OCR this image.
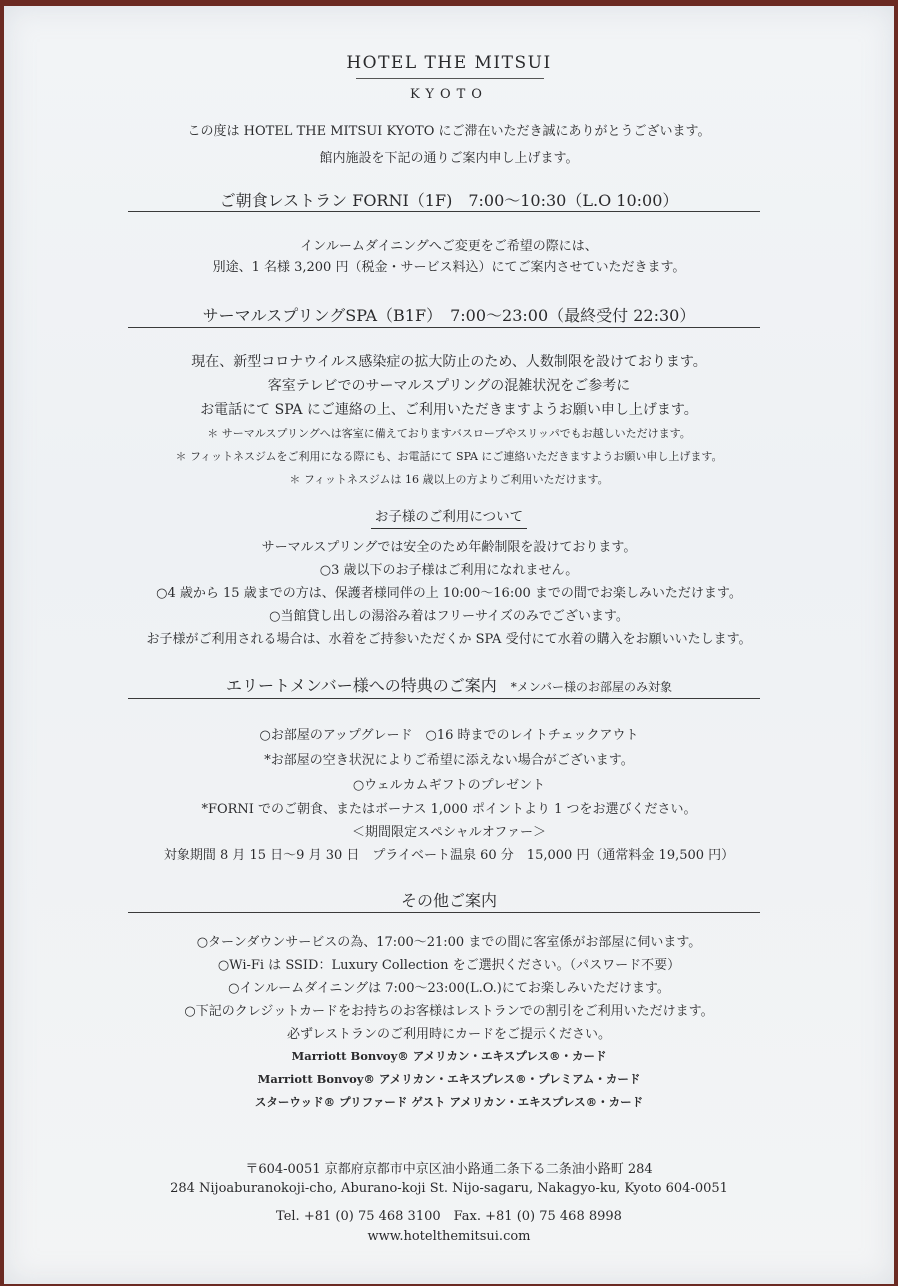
HOTEL THE MITSUI
KYOTO
この度は HOTEL THE MITSUI KYOTO にご滞在いただき誠にありがとうございます。
館内施設を下記の通りご案内申し上げます。
ご朝食レストラン FORNI（1F)　7:00～10:30（L.O 10:00）
インルームダイニングへご変更をご希望の際には、
別途、1 名様 3,200 円（税金・サービス料込）にてご案内させていただきます。
サーマルスプリングSPA（B1F）　7:00～23:00（最終受付 22:30）
現在、新型コロナウイルス感染症の拡大防止のため、人数制限を設けております。
客室テレビでのサーマルスプリングの混雑状況をご参考に
お電話にて SPA にご連絡の上、ご利用いただきますようお願い申し上げます。
＊ サーマルスプリングへは客室に備えておりますバスローブやスリッパでもお越しいただけます。
＊ フィットネスジムをご利用になる際にも、お電話にて SPA にご連絡いただきますようお願い申し上げます。
＊ フィットネスジムは 16 歳以上の方よりご利用いただけます。
お子様のご利用について
サーマルスプリングでは安全のため年齢制限を設けております。
○3 歳以下のお子様はご利用になれません。
○4 歳から 15 歳までの方は、保護者様同伴の上 10:00～16:00 までの間でお楽しみいただけます。
○当館貸し出しの湯浴み着はフリーサイズのみでございます。
お子様がご利用される場合は、水着をご持参いただくか SPA 受付にて水着の購入をお願いいたします。
エリートメンバー様への特典のご案内 *メンバー様のお部屋のみ対象
○お部屋のアップグレード　○16 時までのレイトチェックアウト
*お部屋の空き状況によりご希望に添えない場合がございます。
○ウェルカムギフトのプレゼント
*FORNI でのご朝食、またはボーナス 1,000 ポイントより 1 つをお選びください。
＜期間限定スペシャルオファー＞
対象期間 8 月 15 日～9 月 30 日　プライベート温泉 60 分　15,000 円（通常料金 19,500 円）
その他ご案内
○ターンダウンサービスの為、17:00～21:00 までの間に客室係がお部屋に伺います。
○Wi-Fi は SSID：Luxury Collection をご選択ください。（パスワード不要）
○インルームダイニングは 7:00～23:00(L.O.)にてお楽しみいただけます。
○下記のクレジットカードをお持ちのお客様はレストランでの割引をご利用いただけます。
必ずレストランのご利用時にカードをご提示ください。
Marriott Bonvoy® アメリカン・エキスプレス®・カード
Marriott Bonvoy® アメリカン・エキスプレス®・プレミアム・カード
スターウッド® プリファード ゲスト アメリカン・エキスプレス®・カード
〒604-0051 京都府京都市中京区油小路通二条下る二条油小路町 284
284 Nijoaburanokoji-cho, Aburano-koji St. Nijo-sagaru, Nakagyo-ku, Kyoto 604-0051
Tel. +81 (0) 75 468 3100　Fax. +81 (0) 75 468 8998
www.hotelthemitsui.com
